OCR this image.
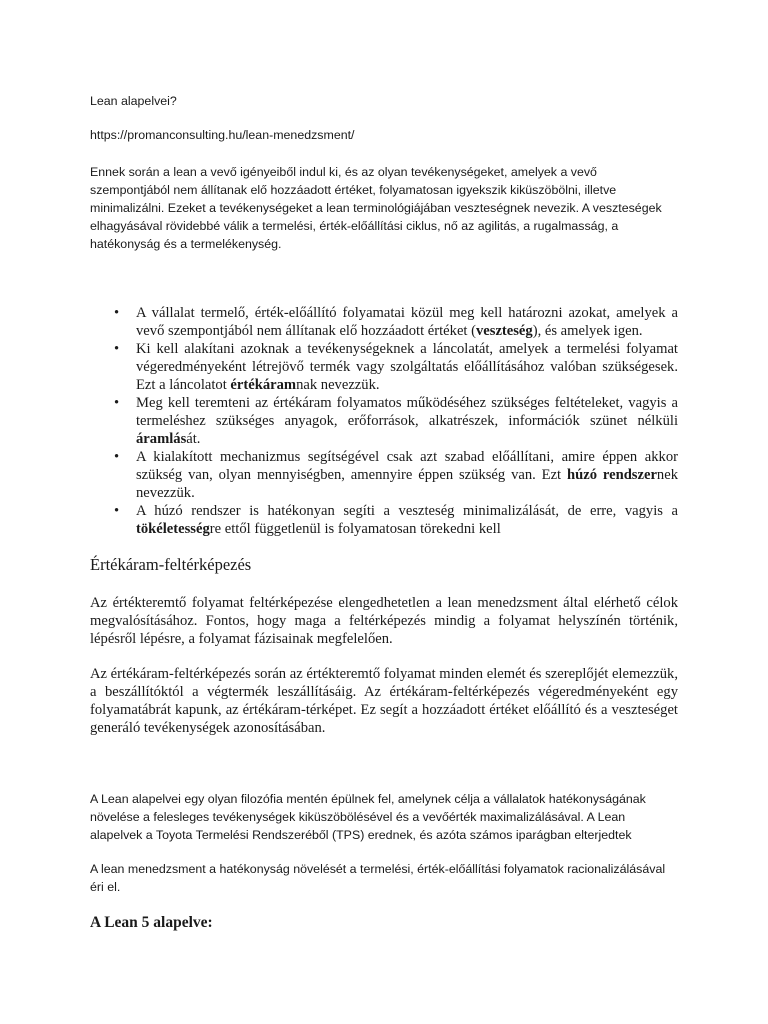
Lean alapelvei?

https://promanconsulting.hu/lean-menedzsment/

Ennek során a lean a vevő igényeiből indul ki, és az olyan tevékenységeket, amelyek a vevő szempontjából nem állítanak elő hozzáadott értéket, folyamatosan igyekszik kiküszöbölni, illetve minimalizálni. Ezeket a tevékenységeket a lean terminológiájában veszteségnek nevezik. A veszteségek elhagyásával rövidebbé válik a termelési, érték-előállítási ciklus, nő az agilitás, a rugalmasság, a hatékonyság és a termelékenység.

• A vállalat termelő, érték-előállító folyamatai közül meg kell határozni azokat, amelyek a vevő szempontjából nem állítanak elő hozzáadott értéket (veszteség), és amelyek igen.
• Ki kell alakítani azoknak a tevékenységeknek a láncolatát, amelyek a termelési folyamat végeredményeként létrejövő termék vagy szolgáltatás előállításához valóban szükségesek. Ezt a láncolatot értékáramnak nevezzük.
• Meg kell teremteni az értékáram folyamatos működéséhez szükséges feltételeket, vagyis a termeléshez szükséges anyagok, erőforrások, alkatrészek, információk szünet nélküli áramlását.
• A kialakított mechanizmus segítségével csak azt szabad előállítani, amire éppen akkor szükség van, olyan mennyiségben, amennyire éppen szükség van. Ezt húzó rendszernek nevezzük.
• A húzó rendszer is hatékonyan segíti a veszteség minimalizálását, de erre, vagyis a tökéletességre ettől függetlenül is folyamatosan törekedni kell
Értékáram-feltérképezés

Az értékteremtő folyamat feltérképezése elengedhetetlen a lean menedzsment által elérhető célok megvalósításához. Fontos, hogy maga a feltérképezés mindig a folyamat helyszínén történik, lépésről lépésre, a folyamat fázisainak megfelelően.

Az értékáram-feltérképezés során az értékteremtő folyamat minden elemét és szereplőjét elemezzük, a beszállítóktól a végtermék leszállításáig. Az értékáram-feltérképezés végeredményeként egy folyamatábrát kapunk, az értékáram-térképet. Ez segít a hozzáadott értéket előállító és a veszteséget generáló tevékenységek azonosításában.

A Lean alapelvei egy olyan filozófia mentén épülnek fel, amelynek célja a vállalatok hatékonyságának növelése a felesleges tevékenységek kiküszöbölésével és a vevőérték maximalizálásával. A Lean alapelvek a Toyota Termelési Rendszeréből (TPS) erednek, és azóta számos iparágban elterjedtek

A lean menedzsment a hatékonyság növelését a termelési, érték-előállítási folyamatok racionalizálásával éri el.

A Lean 5 alapelve:
